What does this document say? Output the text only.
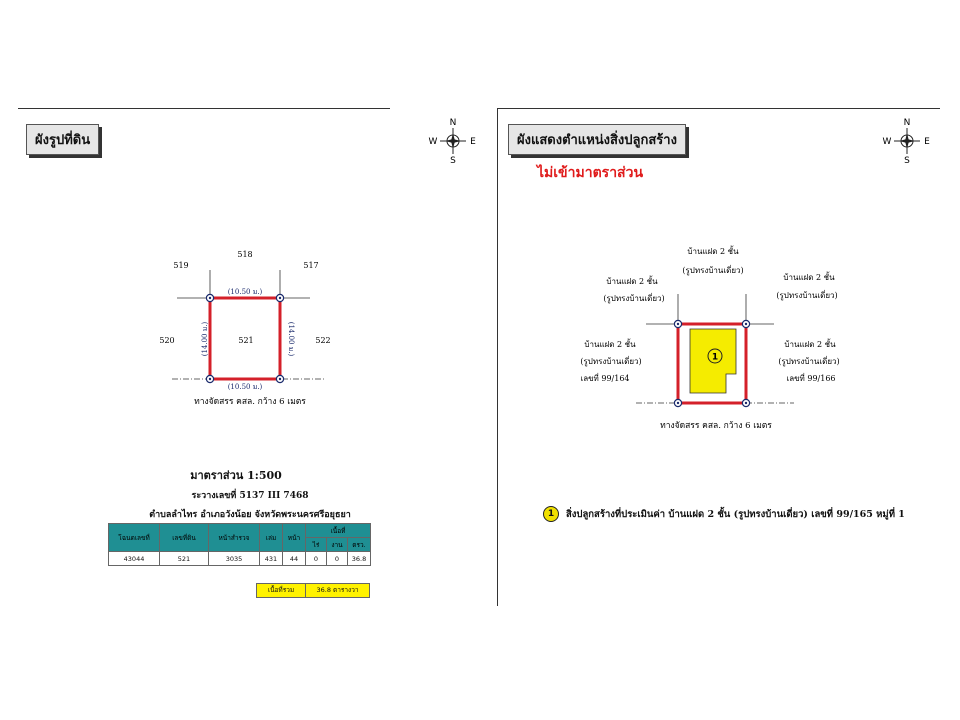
ผังรูปที่ดิน
N
S
E
W
(10.50 ม.)
(10.50 ม.)
(14.00 ม.)	(14.00 ม.)
519
518
517
520	521	522
ทางจัดสรร คสล. กว้าง 6 เมตร
มาตราส่วน 1:500
ระวางเลขที่ 5137 III 7468
ตำบลลำไทร อำเภอวังน้อย จังหวัดพระนครศรีอยุธยา
โฉนดเลขที่	เลขที่ดิน	หน้าสำรวจ	เล่ม	หน้า	เนื้อที่		
					ไร่	งาน	ตรว.
43044	521	3035	431	44	0	0	36.8
เนื้อที่รวม	36.8 ตารางวา
ผังแสดงตำแหน่งสิ่งปลูกสร้าง
ไม่เข้ามาตราส่วน
N
S
E
W
1
บ้านแฝด 2 ชั้น
(รูปทรงบ้านเดี่ยว)
บ้านแฝด 2 ชั้น
(รูปทรงบ้านเดี่ยว)
บ้านแฝด 2 ชั้น
(รูปทรงบ้านเดี่ยว)
บ้านแฝด 2 ชั้น
(รูปทรงบ้านเดี่ยว)
เลขที่ 99/164
บ้านแฝด 2 ชั้น
(รูปทรงบ้านเดี่ยว)
เลขที่ 99/166
ทางจัดสรร คสล. กว้าง 6 เมตร
1	สิ่งปลูกสร้างที่ประเมินค่า บ้านแฝด 2 ชั้น (รูปทรงบ้านเดี่ยว) เลขที่ 99/165 หมู่ที่ 1
